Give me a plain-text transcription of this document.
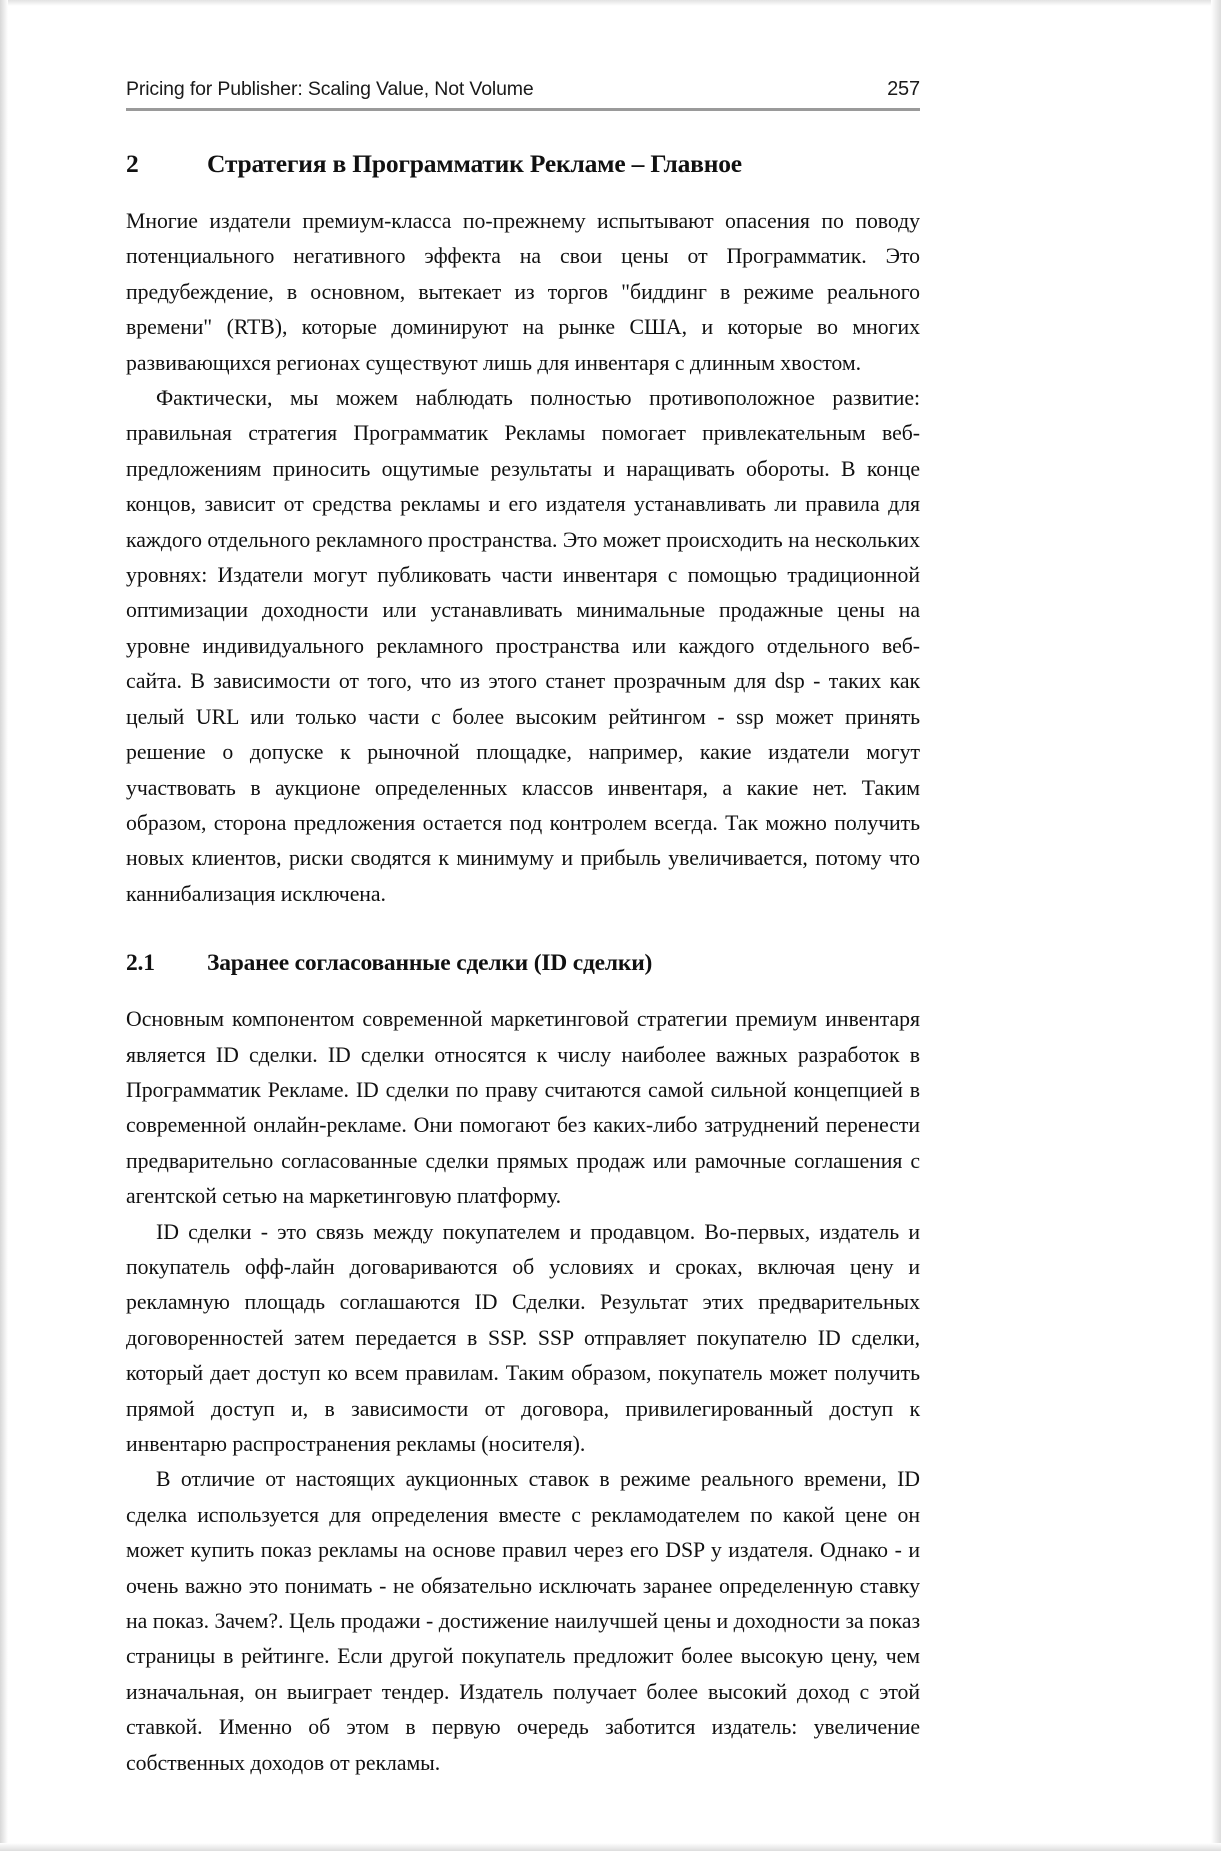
Pricing for Publisher: Scaling Value, Not Volume	257
2	Стратегия в Программатик Рекламе – Главное

Многие издатели премиум-класса по-прежнему испытывают опасения по поводу потенциального негативного эффекта на свои цены от Программатик. Это предубеждение, в основном, вытекает из торгов "биддинг в режиме реального времени" (RTB), которые доминируют на рынке США, и которые во многих развивающихся регионах существуют лишь для инвентаря с длинным хвостом.

Фактически, мы можем наблюдать полностью противоположное развитие: правильная стратегия Программатик Рекламы помогает привлекательным веб-предложениям приносить ощутимые результаты и наращивать обороты. В конце концов, зависит от средства рекламы и его издателя устанавливать ли правила для каждого отдельного рекламного пространства. Это может происходить на нескольких уровнях: Издатели могут публиковать части инвентаря с помощью традиционной оптимизации доходности или устанавливать минимальные продажные цены на уровне индивидуального рекламного пространства или каждого отдельного веб-сайта. В зависимости от того, что из этого станет прозрачным для dsp - таких как целый URL или только части с более высоким рейтингом - ssp может принять решение о допуске к рыночной площадке, например, какие издатели могут участвовать в аукционе определенных классов инвентаря, а какие нет. Таким образом, сторона предложения остается под контролем всегда. Так можно получить новых клиентов, риски сводятся к минимуму и прибыль увеличивается, потому что каннибализация исключена.

2.1	Заранее согласованные сделки (ID сделки)

Основным компонентом современной маркетинговой стратегии премиум инвентаря является ID сделки. ID сделки относятся к числу наиболее важных разработок в Программатик Рекламе. ID сделки по праву считаются самой сильной концепцией в современной онлайн-рекламе. Они помогают без каких-либо затруднений перенести предварительно согласованные сделки прямых продаж или рамочные соглашения с агентской сетью на маркетинговую платформу.

ID сделки - это связь между покупателем и продавцом. Во-первых, издатель и покупатель офф-лайн договариваются об условиях и сроках, включая цену и рекламную площадь соглашаются ID Сделки. Результат этих предварительных договоренностей затем передается в SSP. SSP отправляет покупателю ID сделки, который дает доступ ко всем правилам. Таким образом, покупатель может получить прямой доступ и, в зависимости от договора, привилегированный доступ к инвентарю распространения рекламы (носителя).

В отличие от настоящих аукционных ставок в режиме реального времени, ID сделка используется для определения вместе с рекламодателем по какой цене он может купить показ рекламы на основе правил через его DSP у издателя. Однако - и очень важно это понимать - не обязательно исключать заранее определенную ставку на показ. Зачем?. Цель продажи - достижение наилучшей цены и доходности за показ страницы в рейтинге. Если другой покупатель предложит более высокую цену, чем изначальная, он выиграет тендер. Издатель получает более высокий доход с этой ставкой. Именно об этом в первую очередь заботится издатель: увеличение собственных доходов от рекламы.
